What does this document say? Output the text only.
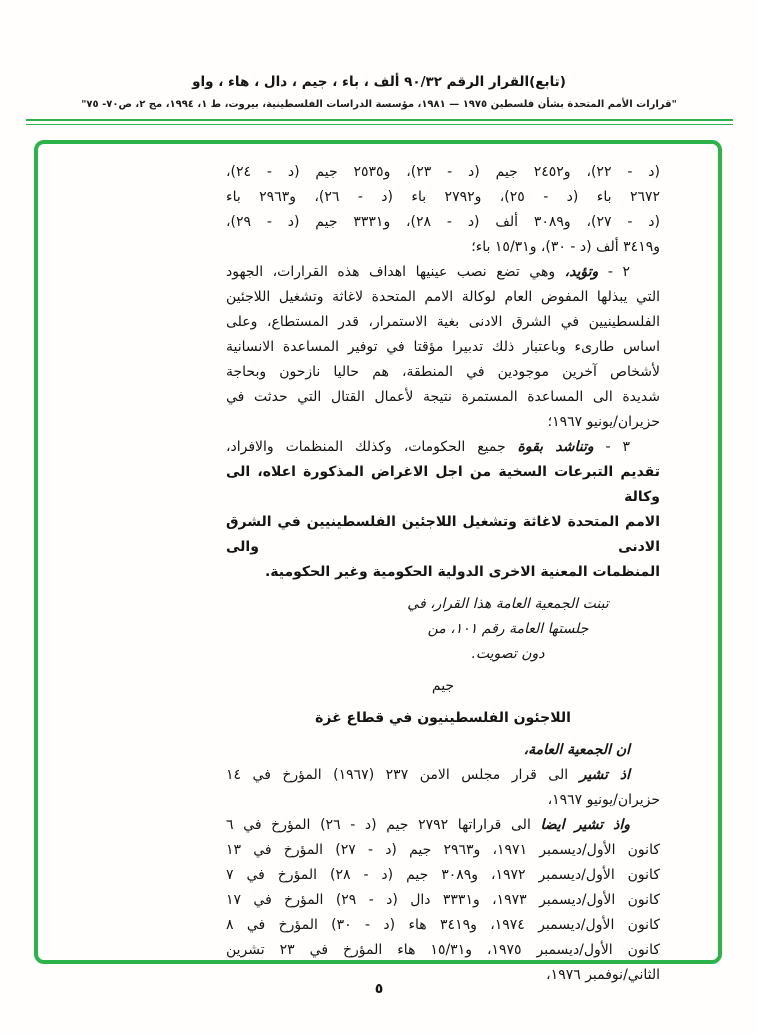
(تابع)القرار الرقم ٩٠/٣٢ ألف ، باء ، جيم ، دال ، هاء ، واو
"قرارات الأمم المتحدة بشأن فلسطين ١٩٧٥ — ١٩٨١، مؤسسة الدراسات الفلسطينية، بيروت، ط ١، ١٩٩٤، مج ٢، ص٧٠- ٧٥"
(د - ٢٢)، و٢٤٥٢ جيم (د - ٢٣)، و٢٥٣٥ جيم (د - ٢٤)،
٢٦٧٢ باء (د - ٢٥)، و٢٧٩٢ باء (د - ٢٦)، و٢٩٦٣ باء
(د - ٢٧)، و٣٠٨٩ ألف (د - ٢٨)، و٣٣٣١ جيم (د - ٢٩)،
و٣٤١٩ ألف (د - ٣٠)، و١٥/٣١ باء؛
٢ - وتؤيد، وهي تضع نصب عينيها اهداف هذه القرارات، الجهود
التي يبذلها المفوض العام لوكالة الامم المتحدة لاغاثة وتشغيل اللاجئين
الفلسطينيين في الشرق الادنى بغية الاستمرار، قدر المستطاع، وعلى
اساس طارىء وباعتبار ذلك تدبيرا مؤقتا في توفير المساعدة الانسانية
لأشخاص آخرين موجودين في المنطقة، هم حاليا نازحون وبحاجة
شديدة الى المساعدة المستمرة نتيجة لأعمال القتال التي حدثت في
حزيران/يونيو ١٩٦٧؛
٣ - وتناشد بقوة جميع الحكومات، وكذلك المنظمات والافراد،
تقديم التبرعات السخية من اجل الاغراض المذكورة اعلاه، الى وكالة
الامم المتحدة لاغاثة وتشغيل اللاجئين الفلسطينيين في الشرق الادنى والى
المنظمات المعنية الاخرى الدولية الحكومية وغير الحكومية.
تبنت الجمعية العامة هذا القرار، في
جلستها العامة رقم ١٠١، من
دون تصويت.
جيم
اللاجئون الفلسطينيون في قطاع غزة
ان الجمعية العامة،
اذ تشير الى قرار مجلس الامن ٢٣٧ (١٩٦٧) المؤرخ في ١٤
حزيران/يونيو ١٩٦٧،
واذ تشير ايضا الى قراراتها ٢٧٩٢ جيم (د - ٢٦) المؤرخ في ٦
كانون الأول/ديسمبر ١٩٧١، و٢٩٦٣ جيم (د - ٢٧) المؤرخ في ١٣
كانون الأول/ديسمبر ١٩٧٢، و٣٠٨٩ جيم (د - ٢٨) المؤرخ في ٧
كانون الأول/ديسمبر ١٩٧٣، و٣٣٣١ دال (د - ٢٩) المؤرخ في ١٧
كانون الأول/ديسمبر ١٩٧٤، و٣٤١٩ هاء (د - ٣٠) المؤرخ في ٨
كانون الأول/ديسمبر ١٩٧٥، و١٥/٣١ هاء المؤرخ في ٢٣ تشرين
الثاني/نوفمبر ١٩٧٦،
٥
